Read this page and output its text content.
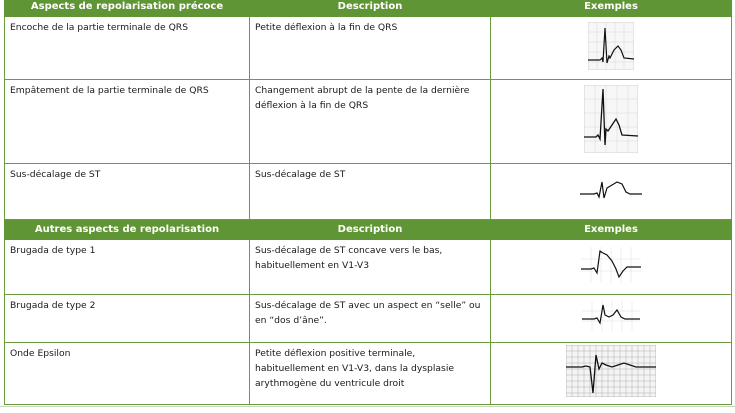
Aspects de repolarisation précoce	Description	Exemples
Encoche de la partie terminale de QRS	Petite déflexion à la fin de QRS	
Empâtement de la partie terminale de QRS	Changement abrupt de la pente de la dernière déflexion à la fin de QRS	
Sus-décalage de ST	Sus-décalage de ST	
Autres aspects de repolarisation	Description	Exemples
Brugada de type 1	Sus-décalage de ST concave vers le bas, habituellement en V1-V3	
Brugada de type 2	Sus-décalage de ST avec un aspect en “selle” ou en “dos d’âne”.	
Onde Epsilon	Petite déflexion positive terminale, habituellement en V1-V3, dans la dysplasie arythmogène du ventricule droit	
